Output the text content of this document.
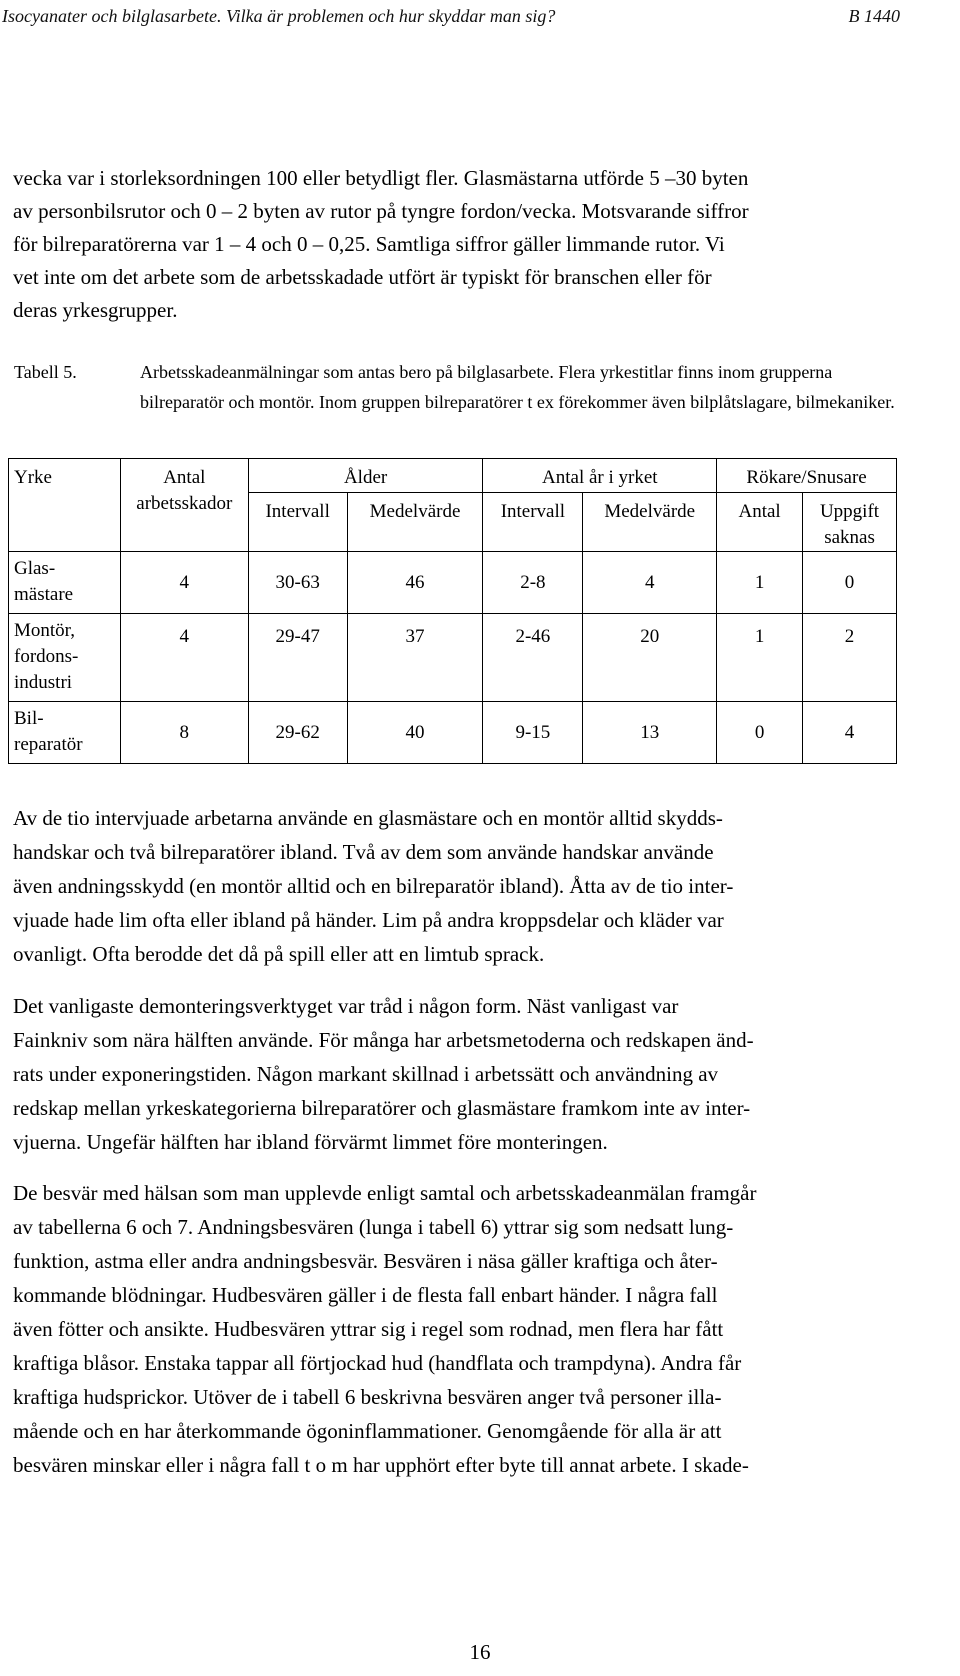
Isocyanater och bilglasarbete. Vilka är problemen och hur skyddar man sig?	B 1440
vecka var i storleksordningen 100 eller betydligt fler. Glasmästarna utförde 5 –30 byten
av personbilsrutor och 0 – 2 byten av rutor på tyngre fordon/vecka. Motsvarande siffror
för bilreparatörerna var 1 – 4 och 0 – 0,25. Samtliga siffror gäller limmande rutor. Vi
vet inte om det arbete som de arbetsskadade utfört är typiskt för branschen eller för
deras yrkesgrupper.
Tabell 5.	Arbetsskadeanmälningar som antas bero på bilglasarbete. Flera yrkestitlar finns inom grupperna bilreparatör och montör. Inom gruppen bilreparatörer t ex förekommer även bilplåtslagare, bilmekaniker.
Yrke	Antal arbetsskador	Ålder		Antal år i yrket		Rökare/Snusare	
		Intervall	Medelvärde	Intervall	Medelvärde	Antal	Uppgift saknas
Glas-
mästare	4	30-63	46	2-8	4	1	0
Montör,
fordons-
industri	4	29-47	37	2-46	20	1	2
Bil-
reparatör	8	29-62	40	9-15	13	0	4
Av de tio intervjuade arbetarna använde en glasmästare och en montör alltid skydds-
handskar och två bilreparatörer ibland. Två av dem som använde handskar använde
även andningsskydd (en montör alltid och en bilreparatör ibland). Åtta av de tio inter-
vjuade hade lim ofta eller ibland på händer. Lim på andra kroppsdelar och kläder var
ovanligt. Ofta berodde det då på spill eller att en limtub sprack.
Det vanligaste demonteringsverktyget var tråd i någon form. Näst vanligast var
Fainkniv som nära hälften använde. För många har arbetsmetoderna och redskapen änd-
rats under exponeringstiden. Någon markant skillnad i arbetssätt och användning av
redskap mellan yrkeskategorierna bilreparatörer och glasmästare framkom inte av inter-
vjuerna. Ungefär hälften har ibland förvärmt limmet före monteringen.
De besvär med hälsan som man upplevde enligt samtal och arbetsskadeanmälan framgår
av tabellerna 6 och 7. Andningsbesvären (lunga i tabell 6) yttrar sig som nedsatt lung-
funktion, astma eller andra andningsbesvär. Besvären i näsa gäller kraftiga och åter-
kommande blödningar. Hudbesvären gäller i de flesta fall enbart händer. I några fall
även fötter och ansikte. Hudbesvären yttrar sig i regel som rodnad, men flera har fått
kraftiga blåsor. Enstaka tappar all förtjockad hud (handflata och trampdyna). Andra får
kraftiga hudsprickor. Utöver de i tabell 6 beskrivna besvären anger två personer illa-
mående och en har återkommande ögoninflammationer. Genomgående för alla är att
besvären minskar eller i några fall t o m har upphört efter byte till annat arbete. I skade-
16
